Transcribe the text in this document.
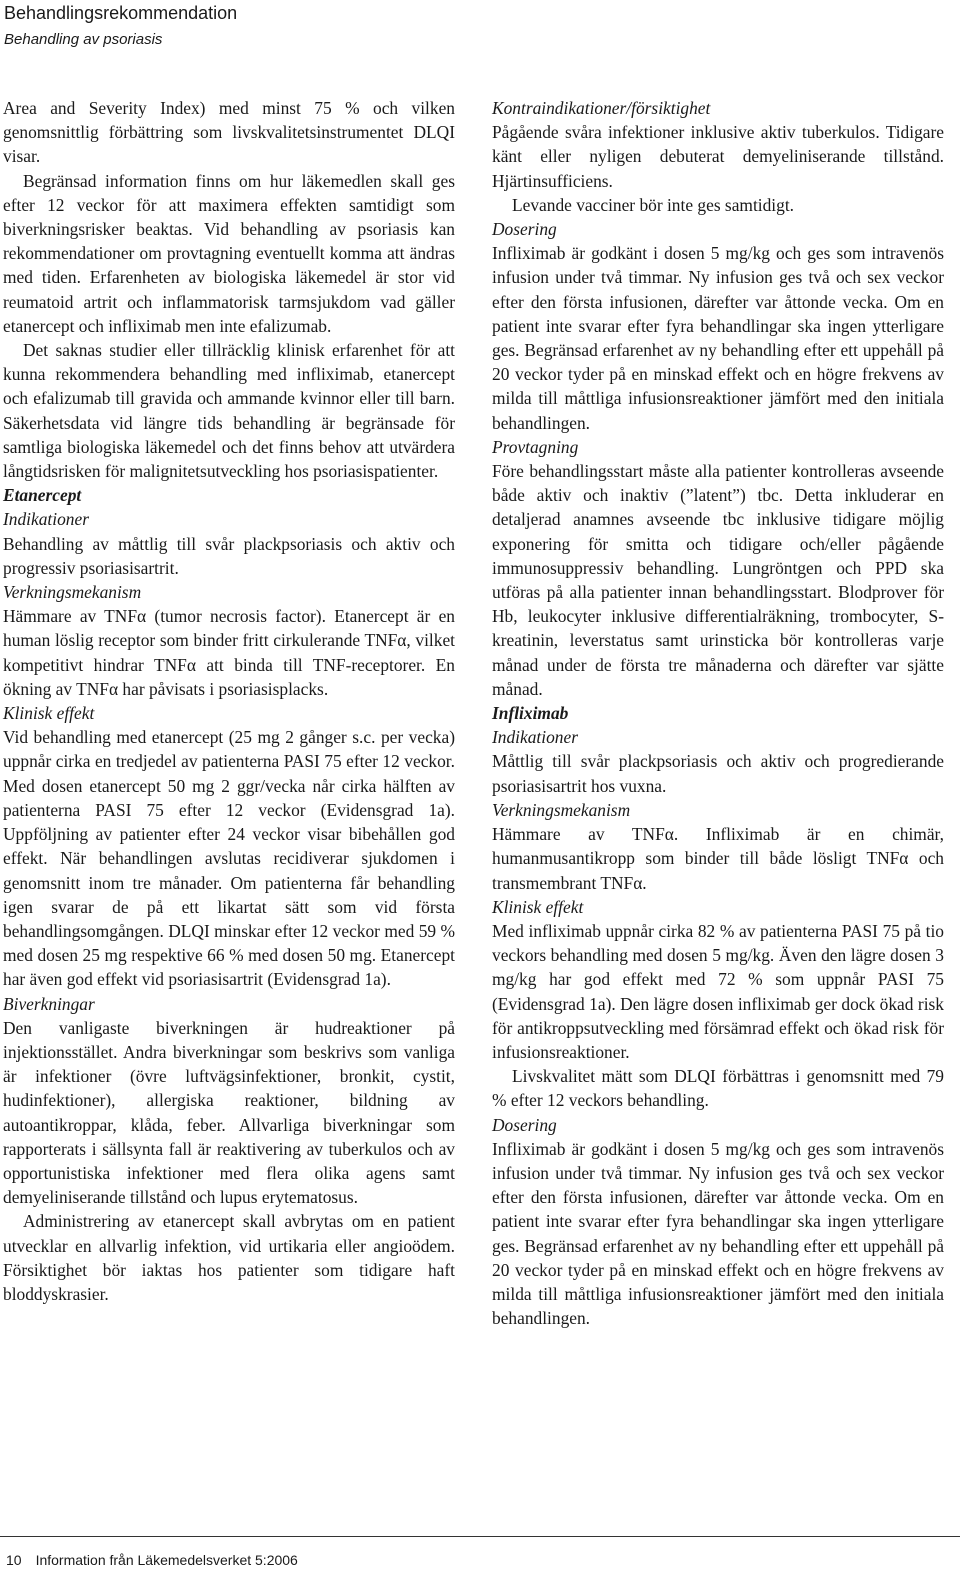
Behandlingsrekommendation
Behandling av psoriasis

Area and Severity Index) med minst 75 % och vilken genomsnittlig förbättring som livskvalitetsinstrumentet DLQI visar.

Begränsad information finns om hur läkemedlen skall ges efter 12 veckor för att maximera effekten samtidigt som biverkningsrisker beaktas. Vid behandling av psoriasis kan rekommendationer om provtagning eventuellt komma att ändras med tiden. Erfarenheten av biologiska läkemedel är stor vid reumatoid artrit och inflammatorisk tarmsjukdom vad gäller etanercept och infliximab men inte efalizumab.

Det saknas studier eller tillräcklig klinisk erfarenhet för att kunna rekommendera behandling med infliximab, etanercept och efalizumab till gravida och ammande kvinnor eller till barn. Säkerhetsdata vid längre tids behandling är begränsade för samtliga biologiska läkemedel och det finns behov att utvärdera långtidsrisken för malignitetsutveckling hos psoriasispatienter.

Etanercept

Indikationer

Behandling av måttlig till svår plackpsoriasis och aktiv och progressiv psoriasisartrit.

Verkningsmekanism

Hämmare av TNFα (tumor necrosis factor). Etanercept är en human löslig receptor som binder fritt cirkulerande TNFα, vilket kompetitivt hindrar TNFα att binda till TNF-receptorer. En ökning av TNFα har påvisats i psoriasisplacks.

Klinisk effekt

Vid behandling med etanercept (25 mg 2 gånger s.c. per vecka) uppnår cirka en tredjedel av patienterna PASI 75 efter 12 veckor. Med dosen etanercept 50 mg 2 ggr/vecka når cirka hälften av patienterna PASI 75 efter 12 veckor (Evidensgrad 1a). Uppföljning av patienter efter 24 veckor visar bibehållen god effekt. När behandlingen avslutas recidiverar sjukdomen i genomsnitt inom tre månader. Om patienterna får behandling igen svarar de på ett likartat sätt som vid första behandlingsomgången. DLQI minskar efter 12 veckor med 59 % med dosen 25 mg respektive 66 % med dosen 50 mg. Etanercept har även god effekt vid psoriasisartrit (Evidensgrad 1a).

Biverkningar

Den vanligaste biverkningen är hudreaktioner på injektionsstället. Andra biverkningar som beskrivs som vanliga är infektioner (övre luftvägsinfektioner, bronkit, cystit, hudinfektioner), allergiska reaktioner, bildning av autoantikroppar, klåda, feber. Allvarliga biverkningar som rapporterats i sällsynta fall är reaktivering av tuberkulos och av opportunistiska infektioner med flera olika agens samt demyeliniserande tillstånd och lupus erytematosus.

Administrering av etanercept skall avbrytas om en patient utvecklar en allvarlig infektion, vid urtikaria eller angioödem. Försiktighet bör iaktas hos patienter som tidigare haft bloddyskrasier.

Kontraindikationer/försiktighet

Pågående svåra infektioner inklusive aktiv tuberkulos. Tidigare känt eller nyligen debuterat demyeliniserande tillstånd. Hjärtinsufficiens.

Levande vacciner bör inte ges samtidigt.

Dosering

Infliximab är godkänt i dosen 5 mg/kg och ges som intravenös infusion under två timmar. Ny infusion ges två och sex veckor efter den första infusionen, därefter var åttonde vecka. Om en patient inte svarar efter fyra behandlingar ska ingen ytterligare ges. Begränsad erfarenhet av ny behandling efter ett uppehåll på 20 veckor tyder på en minskad effekt och en högre frekvens av milda till måttliga infusionsreaktioner jämfört med den initiala behandlingen.

Provtagning

Före behandlingsstart måste alla patienter kontrolleras avseende både aktiv och inaktiv (”latent”) tbc. Detta inkluderar en detaljerad anamnes avseende tbc inklusive tidigare möjlig exponering för smitta och tidigare och/eller pågående immunosuppressiv behandling. Lungröntgen och PPD ska utföras på alla patienter innan behandlingsstart. Blodprover för Hb, leukocyter inklusive differentialräkning, trombocyter, S-kreatinin, leverstatus samt urinsticka bör kontrolleras varje månad under de första tre månaderna och därefter var sjätte månad.

Infliximab

Indikationer

Måttlig till svår plackpsoriasis och aktiv och progredierande psoriasisartrit hos vuxna.

Verkningsmekanism

Hämmare av TNFα. Infliximab är en chimär, humanmusantikropp som binder till både lösligt TNFα och transmembrant TNFα.

Klinisk effekt

Med infliximab uppnår cirka 82 % av patienterna PASI 75 på tio veckors behandling med dosen 5 mg/kg. Även den lägre dosen 3 mg/kg har god effekt med 72 % som uppnår PASI 75 (Evidensgrad 1a). Den lägre dosen infliximab ger dock ökad risk för antikroppsutveckling med försämrad effekt och ökad risk för infusionsreaktioner.

Livskvalitet mätt som DLQI förbättras i genomsnitt med 79 % efter 12 veckors behandling.

Dosering

Infliximab är godkänt i dosen 5 mg/kg och ges som intravenös infusion under två timmar. Ny infusion ges två och sex veckor efter den första infusionen, därefter var åttonde vecka. Om en patient inte svarar efter fyra behandlingar ska ingen ytterligare ges. Begränsad erfarenhet av ny behandling efter ett uppehåll på 20 veckor tyder på en minskad effekt och en högre frekvens av milda till måttliga infusionsreaktioner jämfört med den initiala behandlingen.

10 Information från Läkemedelsverket 5:2006
